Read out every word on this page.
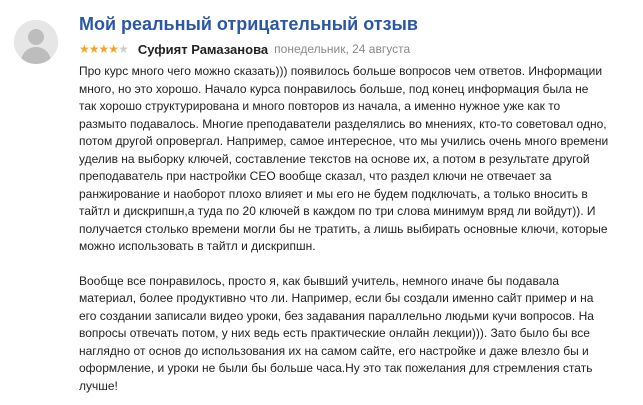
Мой реальный отрицательный отзыв
★ ★ ★ ★ ★ Суфият Рамазанова понедельник, 24 августа

Про курс много чего можно сказать))) появилось больше вопросов чем ответов. Информации
много, но это хорошо. Начало курса понравилось больше, под конец информация была не
так хорошо структурирована и много повторов из начала, а именно нужное уже как то
размыто подавалось. Многие преподаватели разделялись во мнениях, кто-то советовал одно,
потом другой опровергал. Например, самое интересное, что мы учились очень много времени
уделив на выборку ключей, составление текстов на основе их, а потом в результате другой
преподаватель при настройки СЕО вообще сказал, что раздел ключи не отвечает за
ранжирование и наоборот плохо влияет и мы его не будем подключать, а только вносить в
тайтл и дискрипшн,а туда по 20 ключей в каждом по три слова минимум вряд ли войдут)). И
получается столько времени могли бы не тратить, а лишь выбирать основные ключи, которые
можно использовать в тайтл и дискрипшн.

Вообще все понравилось, просто я, как бывший учитель, немного иначе бы подавала
материал, более продуктивно что ли. Например, если бы создали именно сайт пример и на
его создании записали видео уроки, без задавания параллельно людьми кучи вопросов. На
вопросы отвечать потом, у них ведь есть практические онлайн лекции))). Зато было бы все
наглядно от основ до использования их на самом сайте, его настройке и даже влезло бы и
оформление, и уроки не были бы больше часа.Ну это так пожелания для стремления стать
лучше!
